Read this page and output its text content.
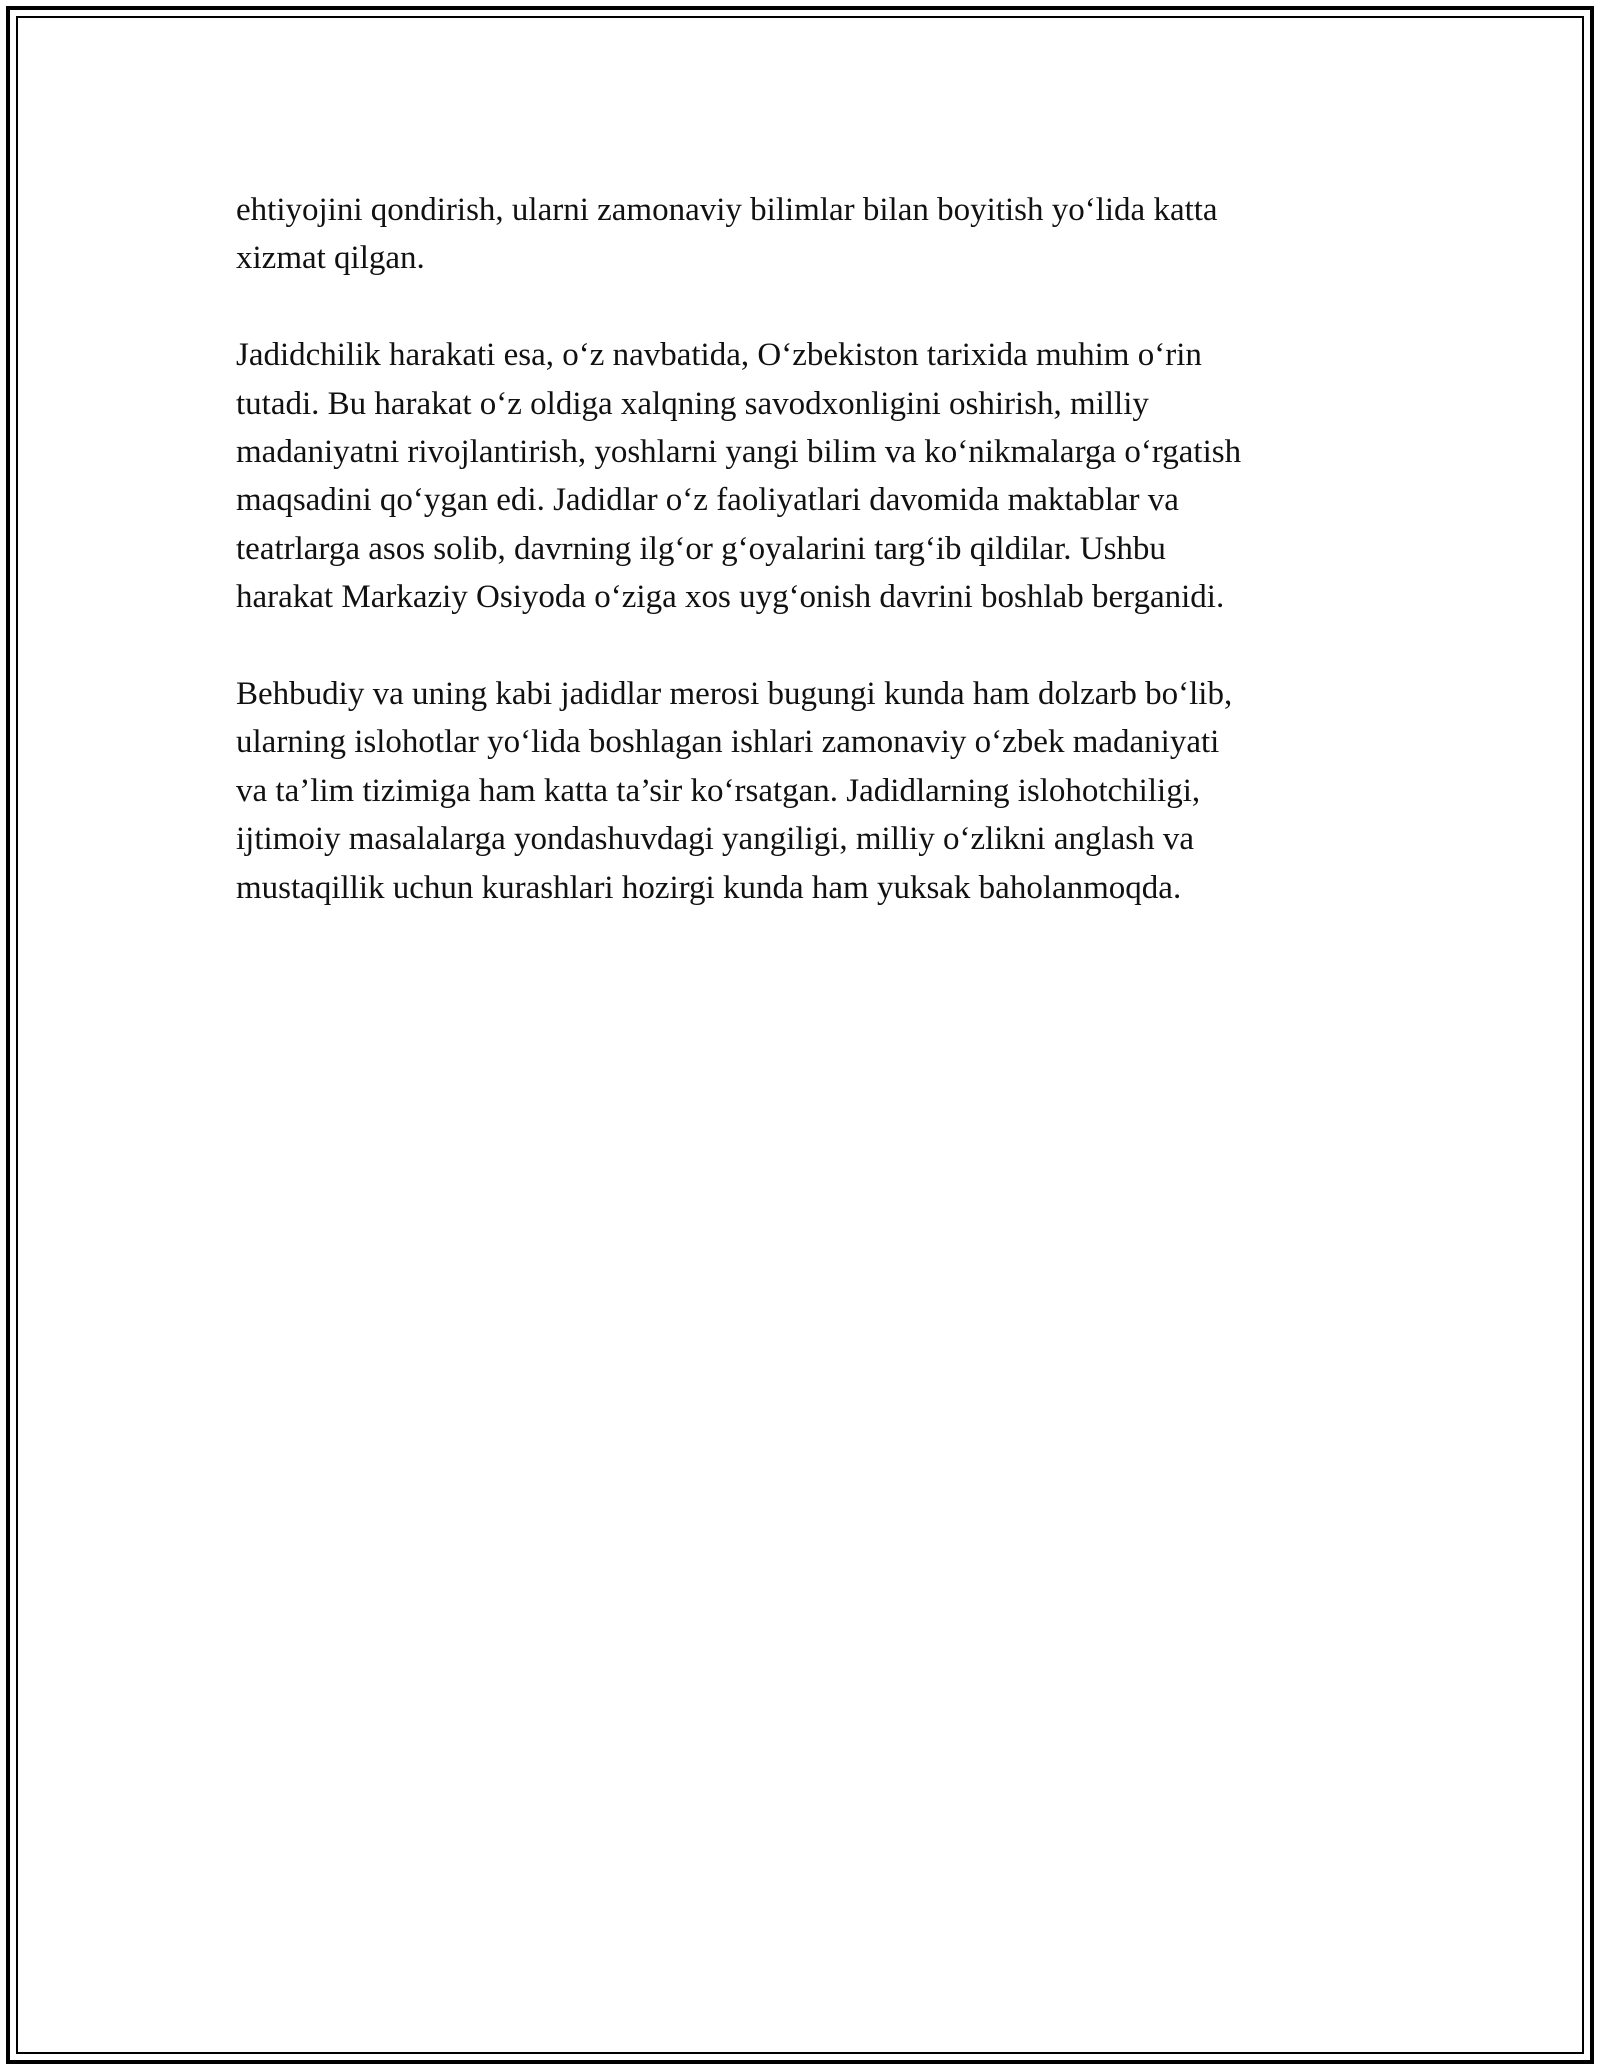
ehtiyojini qondirish, ularni zamonaviy bilimlar bilan boyitish yo‘lida katta
xizmat qilgan.

Jadidchilik harakati esa, o‘z navbatida, O‘zbekiston tarixida muhim o‘rin
tutadi. Bu harakat o‘z oldiga xalqning savodxonligini oshirish, milliy
madaniyatni rivojlantirish, yoshlarni yangi bilim va ko‘nikmalarga o‘rgatish
maqsadini qo‘ygan edi. Jadidlar o‘z faoliyatlari davomida maktablar va
teatrlarga asos solib, davrning ilg‘or g‘oyalarini targ‘ib qildilar. Ushbu
harakat Markaziy Osiyoda o‘ziga xos uyg‘onish davrini boshlab berganidi.

Behbudiy va uning kabi jadidlar merosi bugungi kunda ham dolzarb bo‘lib,
ularning islohotlar yo‘lida boshlagan ishlari zamonaviy o‘zbek madaniyati
va ta’lim tizimiga ham katta ta’sir ko‘rsatgan. Jadidlarning islohotchiligi,
ijtimoiy masalalarga yondashuvdagi yangiligi, milliy o‘zlikni anglash va
mustaqillik uchun kurashlari hozirgi kunda ham yuksak baholanmoqda.
